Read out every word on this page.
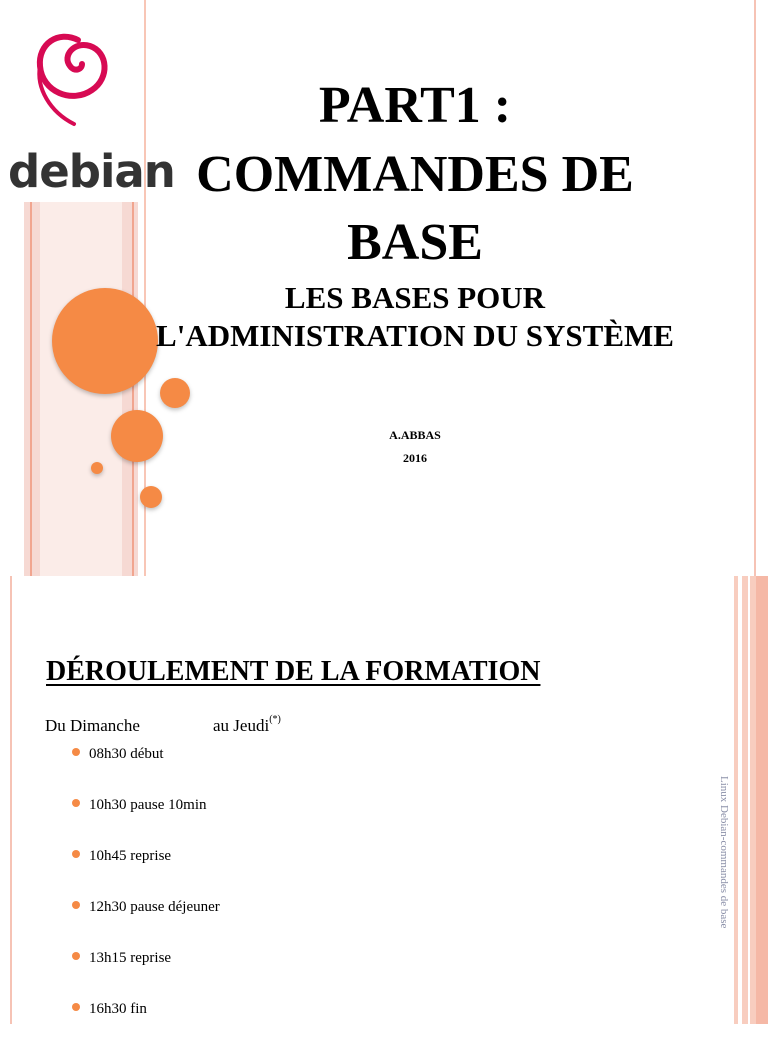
debian
PART1 :
COMMANDES DE
BASE
LES BASES POUR
L'ADMINISTRATION DU SYSTÈME
A.ABBAS
2016
DÉROULEMENT DE LA FORMATION
Du Dimanche	au Jeudi(*)
08h30 début
10h30 pause 10min
10h45 reprise
12h30 pause déjeuner
13h15 reprise
16h30 fin
Linux Debian-commandes de base
